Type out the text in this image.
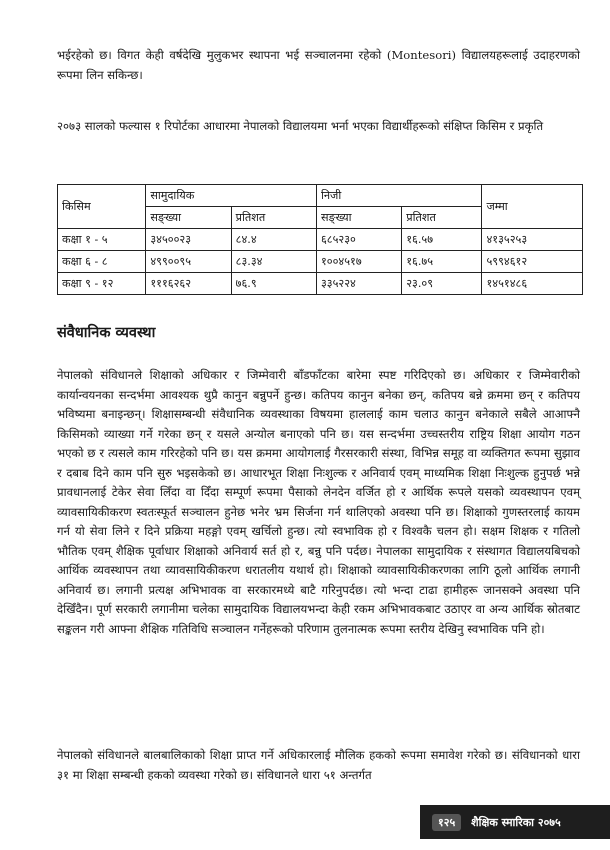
भईरहेको छ। विगत केही वर्षदेखि मुलुकभर स्थापना भई सञ्चालनमा रहेको (Montesori) विद्यालयहरूलाई उदाहरणको रूपमा लिन सकिन्छ।

२०७३ सालको फल्यास १ रिपोर्टका आधारमा नेपालको विद्यालयमा भर्ना भएका विद्यार्थीहरूको संक्षिप्त किसिम र प्रकृति

किसिम	सामुदायिक		निजी		जम्मा
	सङ्ख्या	प्रतिशत	सङ्ख्या	प्रतिशत	
कक्षा १ - ५	३४५००२३	८४.४	६८५२३०	१६.५७	४१३५२५३
कक्षा ६ - ८	४९९००९५	८३.३४	१००४५१७	१६.७५	५९९४६१२
कक्षा ९ - १२	१११६२६२	७६.९	३३५२२४	२३.०९	१४५१४८६
संवैधानिक व्यवस्था

नेपालको संविधानले शिक्षाको अधिकार र जिम्मेवारी बाँडफाँटका बारेमा स्पष्ट गरिदिएको छ। अधिकार र जिम्मेवारीको कार्यान्वयनका सन्दर्भमा आवश्यक थुप्रै कानुन बन्नुपर्ने हुन्छ। कतिपय कानुन बनेका छन्, कतिपय बन्ने क्रममा छन् र कतिपय भविष्यमा बनाइन्छन्। शिक्षासम्बन्धी संवैधानिक व्यवस्थाका विषयमा हाललाई काम चलाउ कानुन बनेकाले सबैले आआफ्नै किसिमको व्याख्या गर्ने गरेका छन् र यसले अन्योल बनाएको पनि छ। यस सन्दर्भमा उच्चस्तरीय राष्ट्रिय शिक्षा आयोग गठन भएको छ र त्यसले काम गरिरहेको पनि छ। यस क्रममा आयोगलाई गैरसरकारी संस्था, विभिन्न समूह वा व्यक्तिगत रूपमा सुझाव र दबाब दिने काम पनि सुरु भइसकेको छ। आधारभूत शिक्षा निःशुल्क र अनिवार्य एवम् माध्यमिक शिक्षा निःशुल्क हुनुपर्छ भन्ने प्रावधानलाई टेकेर सेवा लिँदा वा दिँदा सम्पूर्ण रूपमा पैसाको लेनदेन वर्जित हो र आर्थिक रूपले यसको व्यवस्थापन एवम् व्यावसायिकीकरण स्वतःस्फूर्त सञ्चालन हुनेछ भनेर भ्रम सिर्जना गर्न थालिएको अवस्था पनि छ। शिक्षाको गुणस्तरलाई कायम गर्न यो सेवा लिने र दिने प्रक्रिया महङ्गो एवम् खर्चिलो हुन्छ। त्यो स्वभाविक हो र विश्वकै चलन हो। सक्षम शिक्षक र गतिलो भौतिक एवम् शैक्षिक पूर्वाधार शिक्षाको अनिवार्य सर्त हो र, बन्नु पनि पर्दछ। नेपालका सामुदायिक र संस्थागत विद्यालयबिचको आर्थिक व्यवस्थापन तथा व्यावसायिकीकरण धरातलीय यथार्थ हो। शिक्षाको व्यावसायिकीकरणका लागि ठूलो आर्थिक लगानी अनिवार्य छ। लगानी प्रत्यक्ष अभिभावक वा सरकारमध्ये बाटै गरिनुपर्दछ। त्यो भन्दा टाढा हामीहरू जानसक्ने अवस्था पनि देखिँदैन। पूर्ण सरकारी लगानीमा चलेका सामुदायिक विद्यालयभन्दा केही रकम अभिभावकबाट उठाएर वा अन्य आर्थिक स्रोतबाट सङ्कलन गरी आफ्ना शैक्षिक गतिविधि सञ्चालन गर्नेहरूको परिणाम तुलनात्मक रूपमा स्तरीय देखिनु स्वभाविक पनि हो।

नेपालको संविधानले बालबालिकाको शिक्षा प्राप्त गर्ने अधिकारलाई मौलिक हकको रूपमा समावेश गरेको छ। संविधानको धारा ३१ मा शिक्षा सम्बन्धी हकको व्यवस्था गरेको छ। संविधानले धारा ५१ अन्तर्गत

१२५	शैक्षिक स्मारिका २०७५
